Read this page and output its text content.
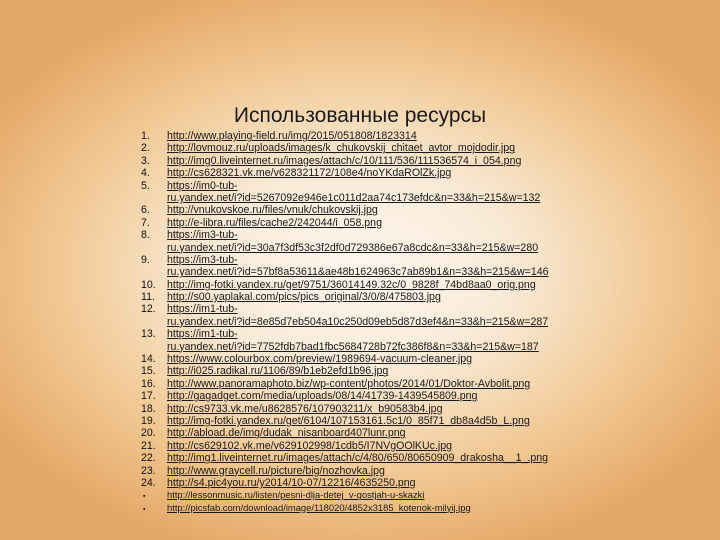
Использованные ресурсы
1.	http://www.playing-field.ru/img/2015/051808/1823314
2.	http://lovmouz.ru/uploads/images/k_chukovskij_chitaet_avtor_mojdodir.jpg
3.	http://img0.liveinternet.ru/images/attach/c/10/111/536/111536574_i_054.png
4.	http://cs628321.vk.me/v628321172/108e4/noYKdaROlZk.jpg
5.	https://im0-tub-
ru.yandex.net/i?id=5267092e946e1c011d2aa74c173efdc&n=33&h=215&w=132
6.	http://vnukovskoe.ru/files/vnuk/chukovskij.jpg
7.	http://e-libra.ru/files/cache2/242044/i_058.png
8.	https://im3-tub-
ru.yandex.net/i?id=30a7f3df53c3f2df0d729386e67a8cdc&n=33&h=215&w=280
9.	https://im3-tub-
ru.yandex.net/i?id=57bf8a53611&ae48b1624963c7ab89b1&n=33&h=215&w=146
10.	http://img-fotki.yandex.ru/get/9751/36014149.32c/0_9828f_74bd8aa0_orig.png
11.	http://s00.yaplakal.com/pics/pics_original/3/0/8/475803.jpg
12.	https://im1-tub-
ru.yandex.net/i?id=8e85d7eb504a10c250d09eb5d87d3ef4&n=33&h=215&w=287
13.	https://im1-tub-
ru.yandex.net/i?id=7752fdb7bad1fbc5684728b72fc386f8&n=33&h=215&w=187
14.	https://www.colourbox.com/preview/1989694-vacuum-cleaner.jpg
15.	http://i025.radikal.ru/1106/89/b1eb2efd1b96.jpg
16.	http://www.panoramaphoto.biz/wp-content/photos/2014/01/Doktor-Avbolit.png
17.	http://gagadget.com/media/uploads/08/14/41739-1439545809.png
18.	http://cs9733.vk.me/u8628576/107903211/x_b90583b4.jpg
19.	http://img-fotki.yandex.ru/get/6104/107153161.5c1/0_85f71_db8a4d5b_L.png
20.	http://abload.de/img/dudak_nisanboard407lunr.png
21.	http://cs629102.vk.me/v629102998/1cdb5/I7NVgOOlKUc.jpg
22.	http://img1.liveinternet.ru/images/attach/c/4/80/650/80650909_drakosha__1_.png
23.	http://www.graycell.ru/picture/big/nozhovka.jpg
24.	http://s4.pic4you.ru/y2014/10-07/12216/4635250.png
▪ http://lessonmusic.ru/listen/pesni-dlja-detej_v-gostjah-u-skazki
▪ http://picsfab.com/download/image/118020/4852x3185_kotenok-milyij.jpg
